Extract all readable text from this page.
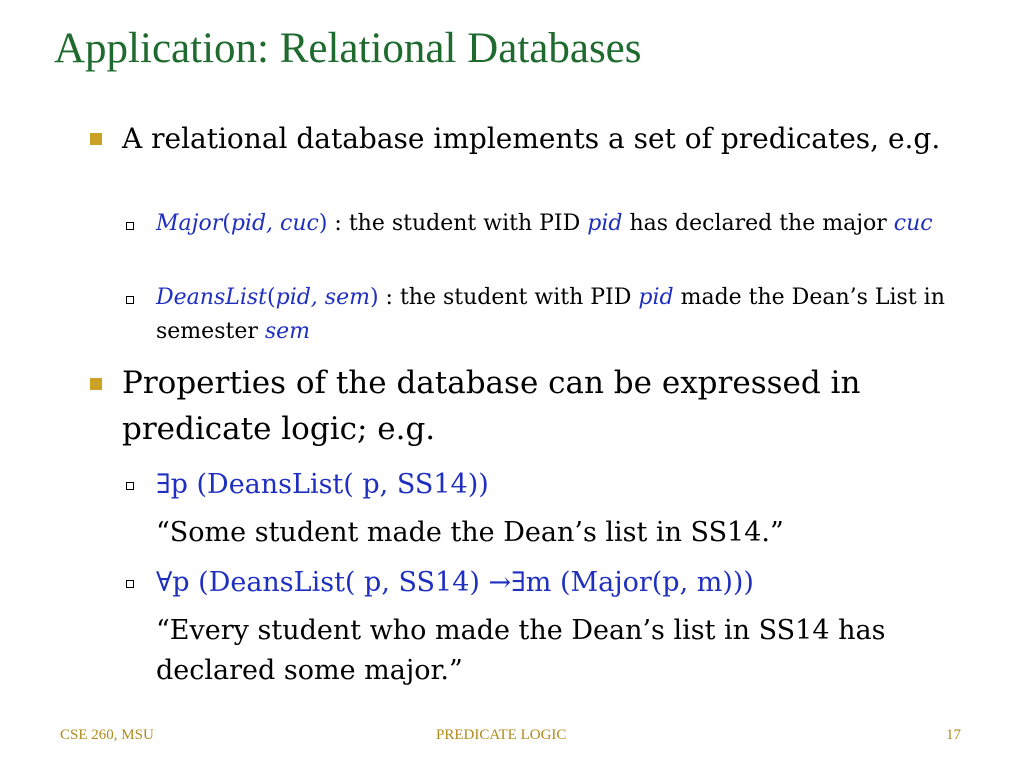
Application: Relational Databases
A relational database implements a set of predicates, e.g.
Major(pid, cuc) : the student with PID pid has declared the major cuc
DeansList(pid, sem) : the student with PID pid made the Dean’s List in semester sem
Properties of the database can be expressed in predicate logic; e.g.
∃p (DeansList( p, SS14))
“Some student made the Dean’s list in SS14.”
∀p (DeansList( p, SS14) →∃m (Major(p, m)))
“Every student who made the Dean’s list in SS14 has declared some major.”
CSE 260, MSU	PREDICATE LOGIC	17
